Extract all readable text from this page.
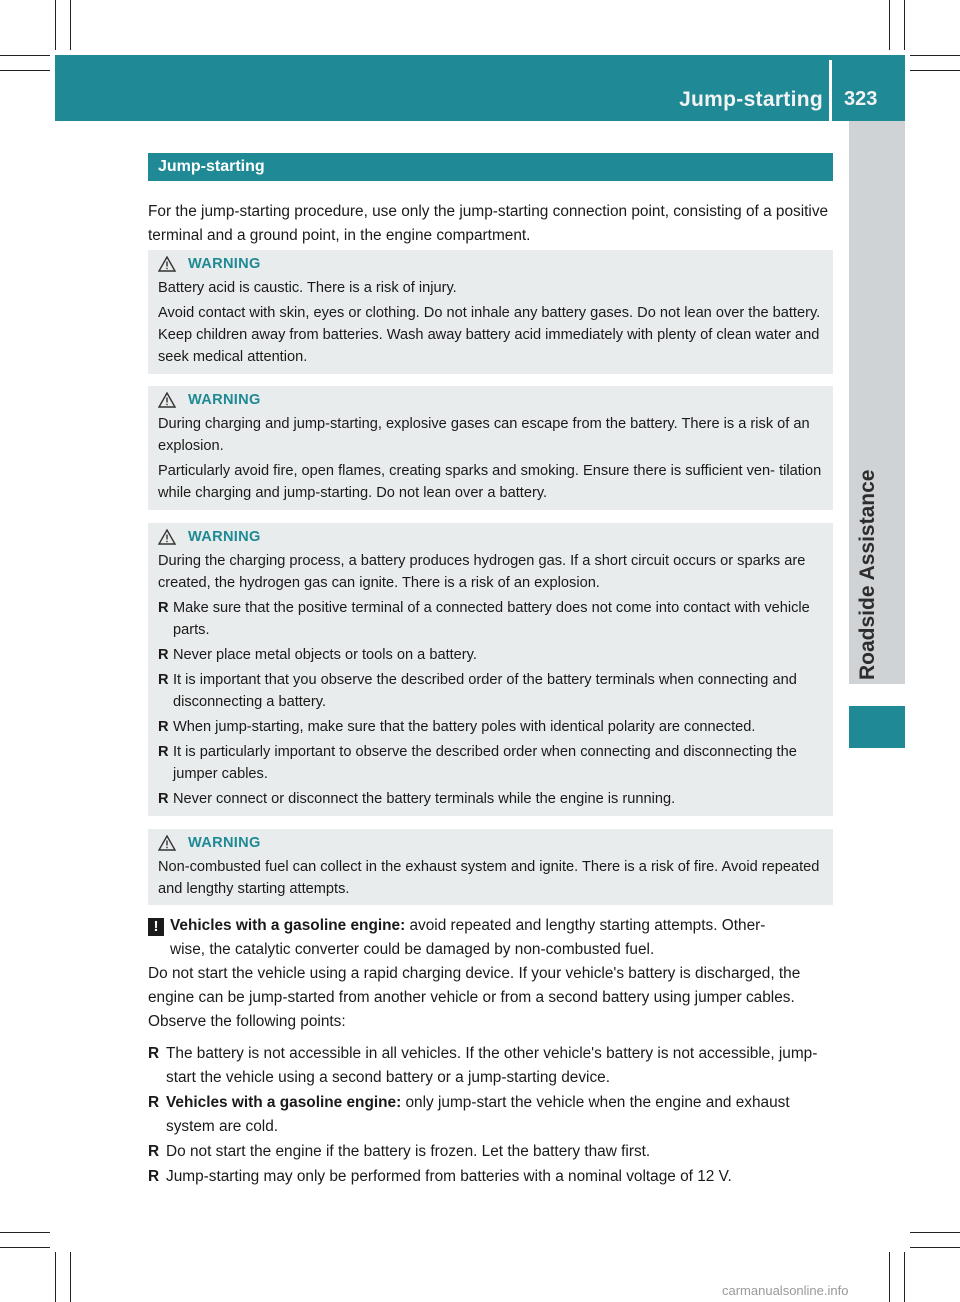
Jump-starting 323
Roadside Assistance
Jump-starting
For the jump-starting procedure, use only the jump-starting connection point, consisting of a positive terminal and a ground point, in the engine compartment.
WARNING

Battery acid is caustic. There is a risk of injury.

Avoid contact with skin, eyes or clothing. Do not inhale any battery gases. Do not lean over the battery. Keep children away from batteries. Wash away battery acid immediately with plenty of clean water and seek medical attention.

WARNING

During charging and jump-starting, explosive gases can escape from the battery. There is a risk of an explosion.

Particularly avoid fire, open flames, creating sparks and smoking. Ensure there is sufficient ven- tilation while charging and jump-starting. Do not lean over a battery.

WARNING

During the charging process, a battery produces hydrogen gas. If a short circuit occurs or sparks are created, the hydrogen gas can ignite. There is a risk of an explosion.

R Make sure that the positive terminal of a connected battery does not come into contact with vehicle parts.
R Never place metal objects or tools on a battery.
R It is important that you observe the described order of the battery terminals when connecting and disconnecting a battery.
R When jump-starting, make sure that the battery poles with identical polarity are connected.
R It is particularly important to observe the described order when connecting and disconnecting the jumper cables.
R Never connect or disconnect the battery terminals while the engine is running.
WARNING

Non-combusted fuel can collect in the exhaust system and ignite. There is a risk of fire. Avoid repeated and lengthy starting attempts.

! Vehicles with a gasoline engine: avoid repeated and lengthy starting attempts. Other-
wise, the catalytic converter could be damaged by non-combusted fuel.
Do not start the vehicle using a rapid charging device. If your vehicle's battery is discharged, the engine can be jump-started from another vehicle or from a second battery using jumper cables. Observe the following points:
R The battery is not accessible in all vehicles. If the other vehicle's battery is not accessible, jump-start the vehicle using a second battery or a jump-starting device.
R Vehicles with a gasoline engine: only jump-start the vehicle when the engine and exhaust system are cold.
R Do not start the engine if the battery is frozen. Let the battery thaw first.
R Jump-starting may only be performed from batteries with a nominal voltage of 12 V.
carmanualsonline.info
